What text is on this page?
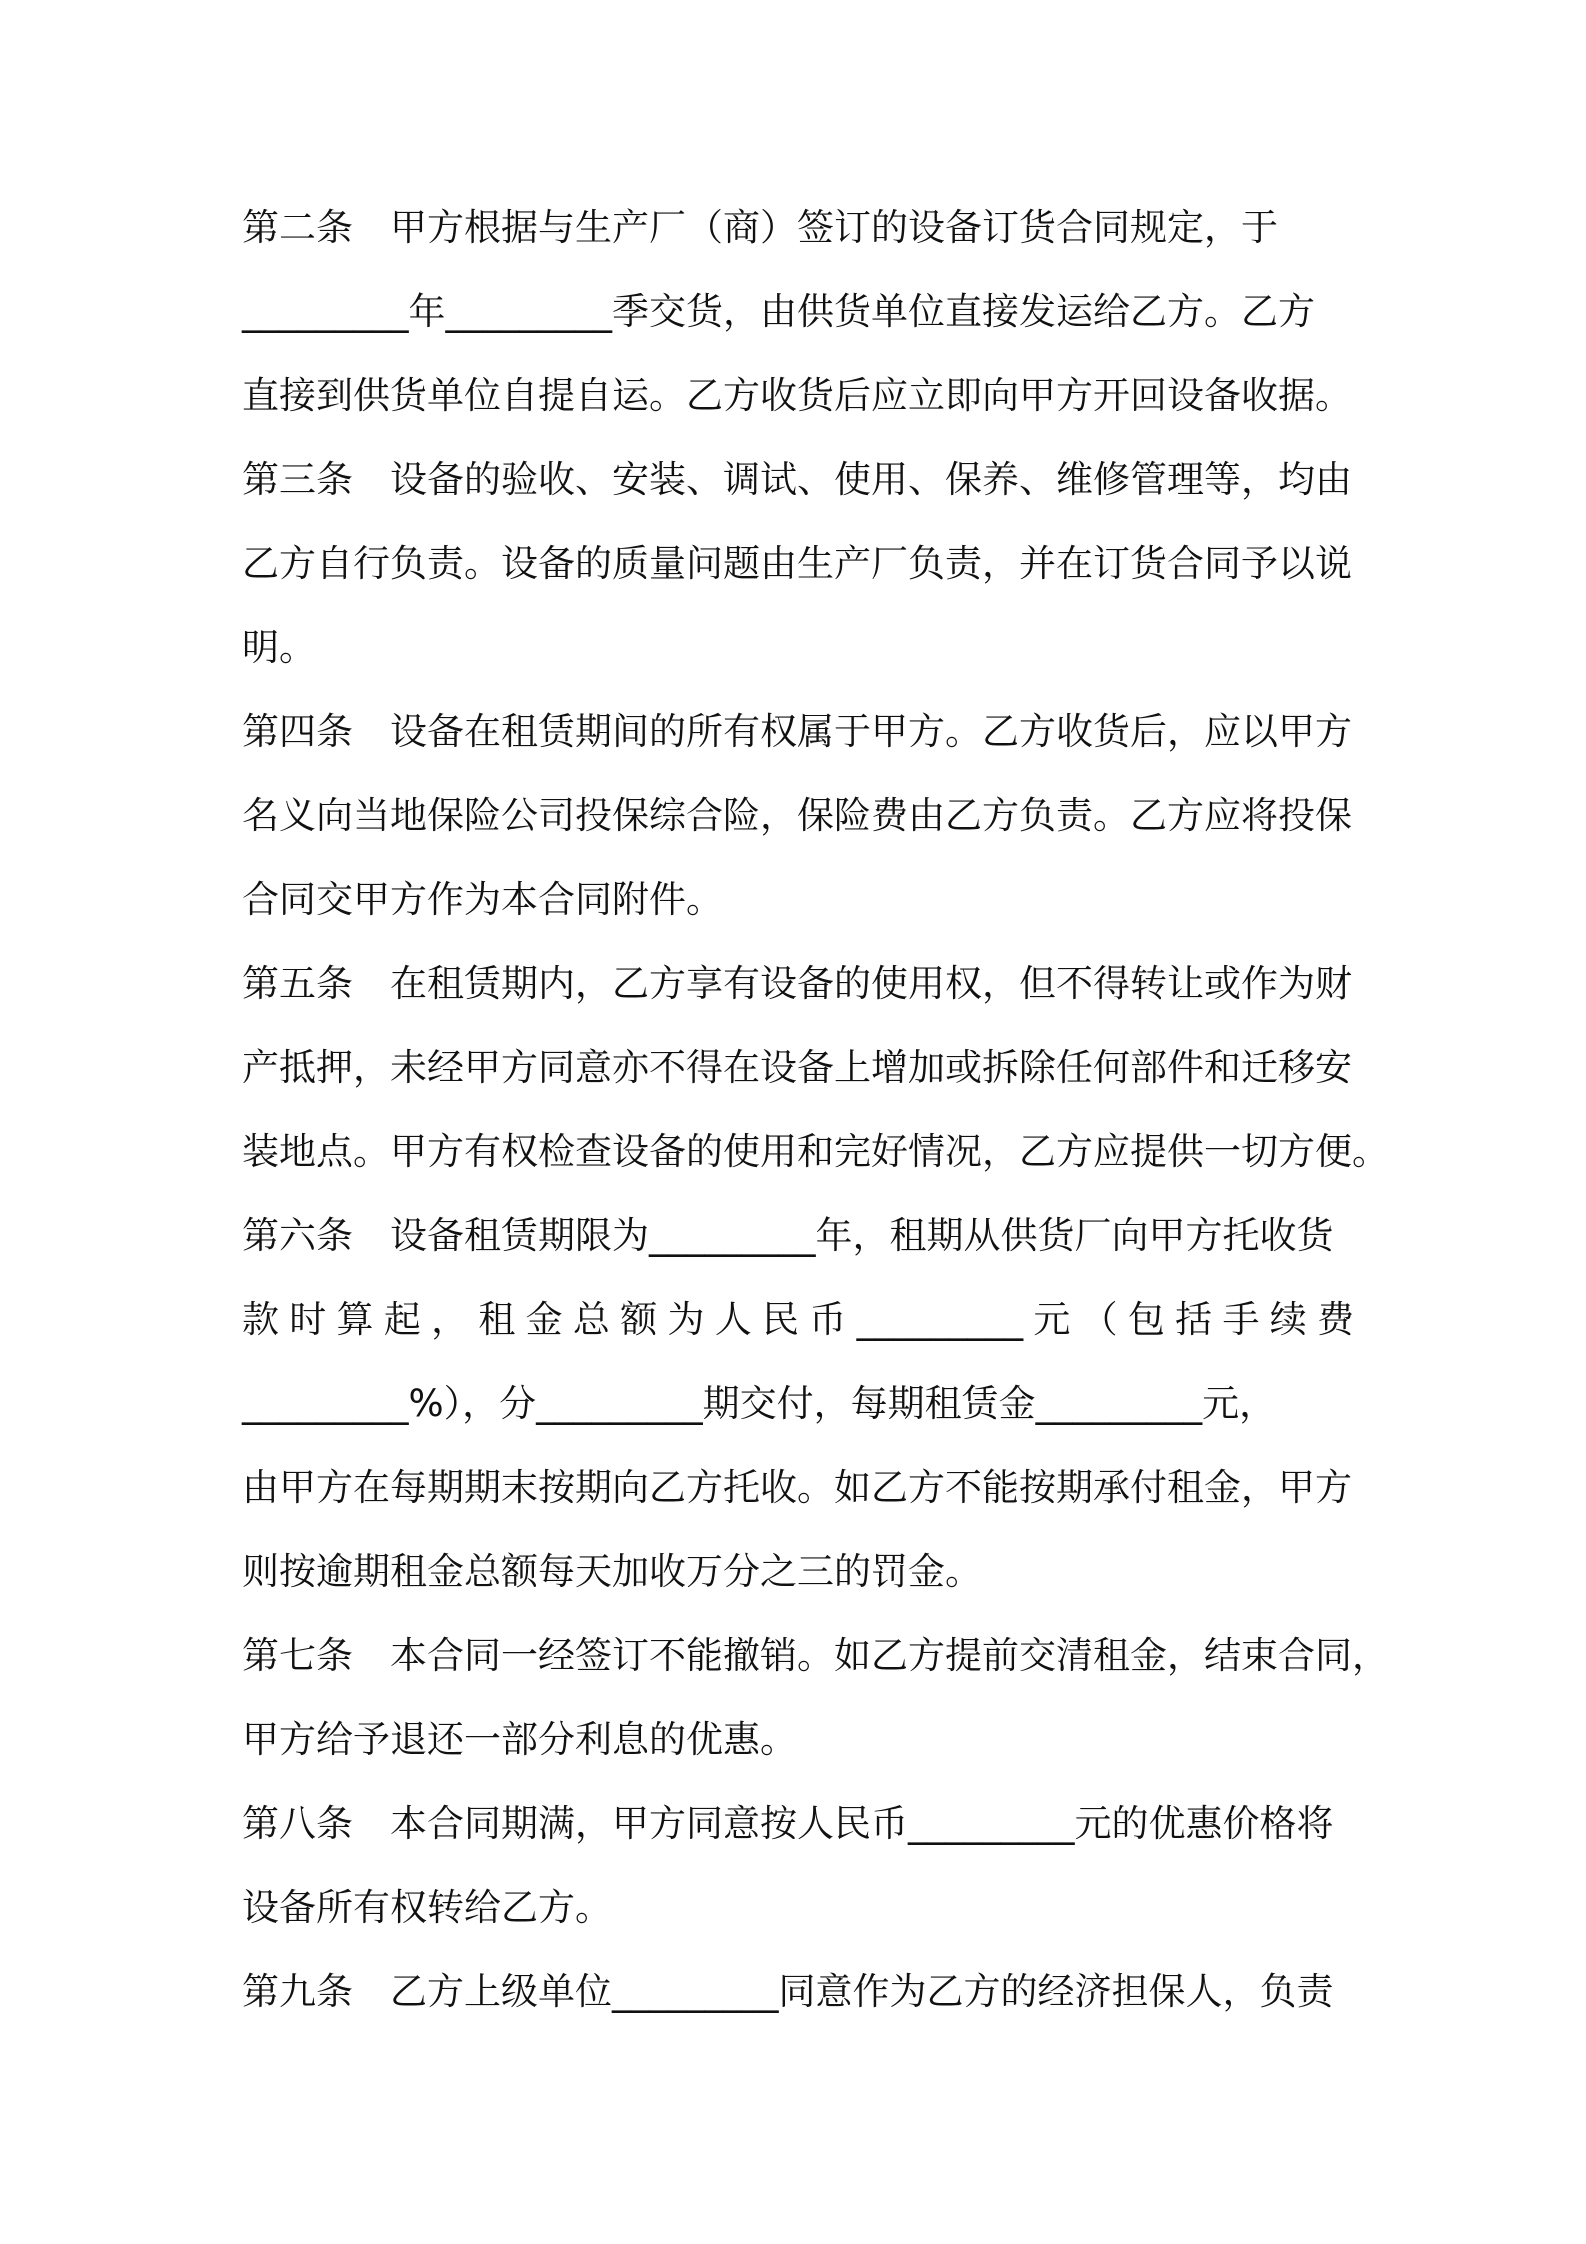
第二条　甲方根据与生产厂（商）签订的设备订货合同规定，于
_________年_________季交货，由供货单位直接发运给乙方。乙方
直接到供货单位自提自运。乙方收货后应立即向甲方开回设备收据。
第三条　设备的验收、安装、调试、使用、保养、维修管理等，均由
乙方自行负责。设备的质量问题由生产厂负责，并在订货合同予以说
明。
第四条　设备在租赁期间的所有权属于甲方。乙方收货后，应以甲方
名义向当地保险公司投保综合险，保险费由乙方负责。乙方应将投保
合同交甲方作为本合同附件。
第五条　在租赁期内，乙方享有设备的使用权，但不得转让或作为财
产抵押，未经甲方同意亦不得在设备上增加或拆除任何部件和迁移安
装地点。甲方有权检查设备的使用和完好情况，乙方应提供一切方便。
第六条　设备租赁期限为_________年，租期从供货厂向甲方托收货
款时算起，租金总额为人民币_________元（包括手续费
_________%），分_________期交付，每期租赁金_________元，
由甲方在每期期末按期向乙方托收。如乙方不能按期承付租金，甲方
则按逾期租金总额每天加收万分之三的罚金。
第七条　本合同一经签订不能撤销。如乙方提前交清租金，结束合同，
甲方给予退还一部分利息的优惠。
第八条　本合同期满，甲方同意按人民币_________元的优惠价格将
设备所有权转给乙方。
第九条　乙方上级单位_________同意作为乙方的经济担保人，负责
